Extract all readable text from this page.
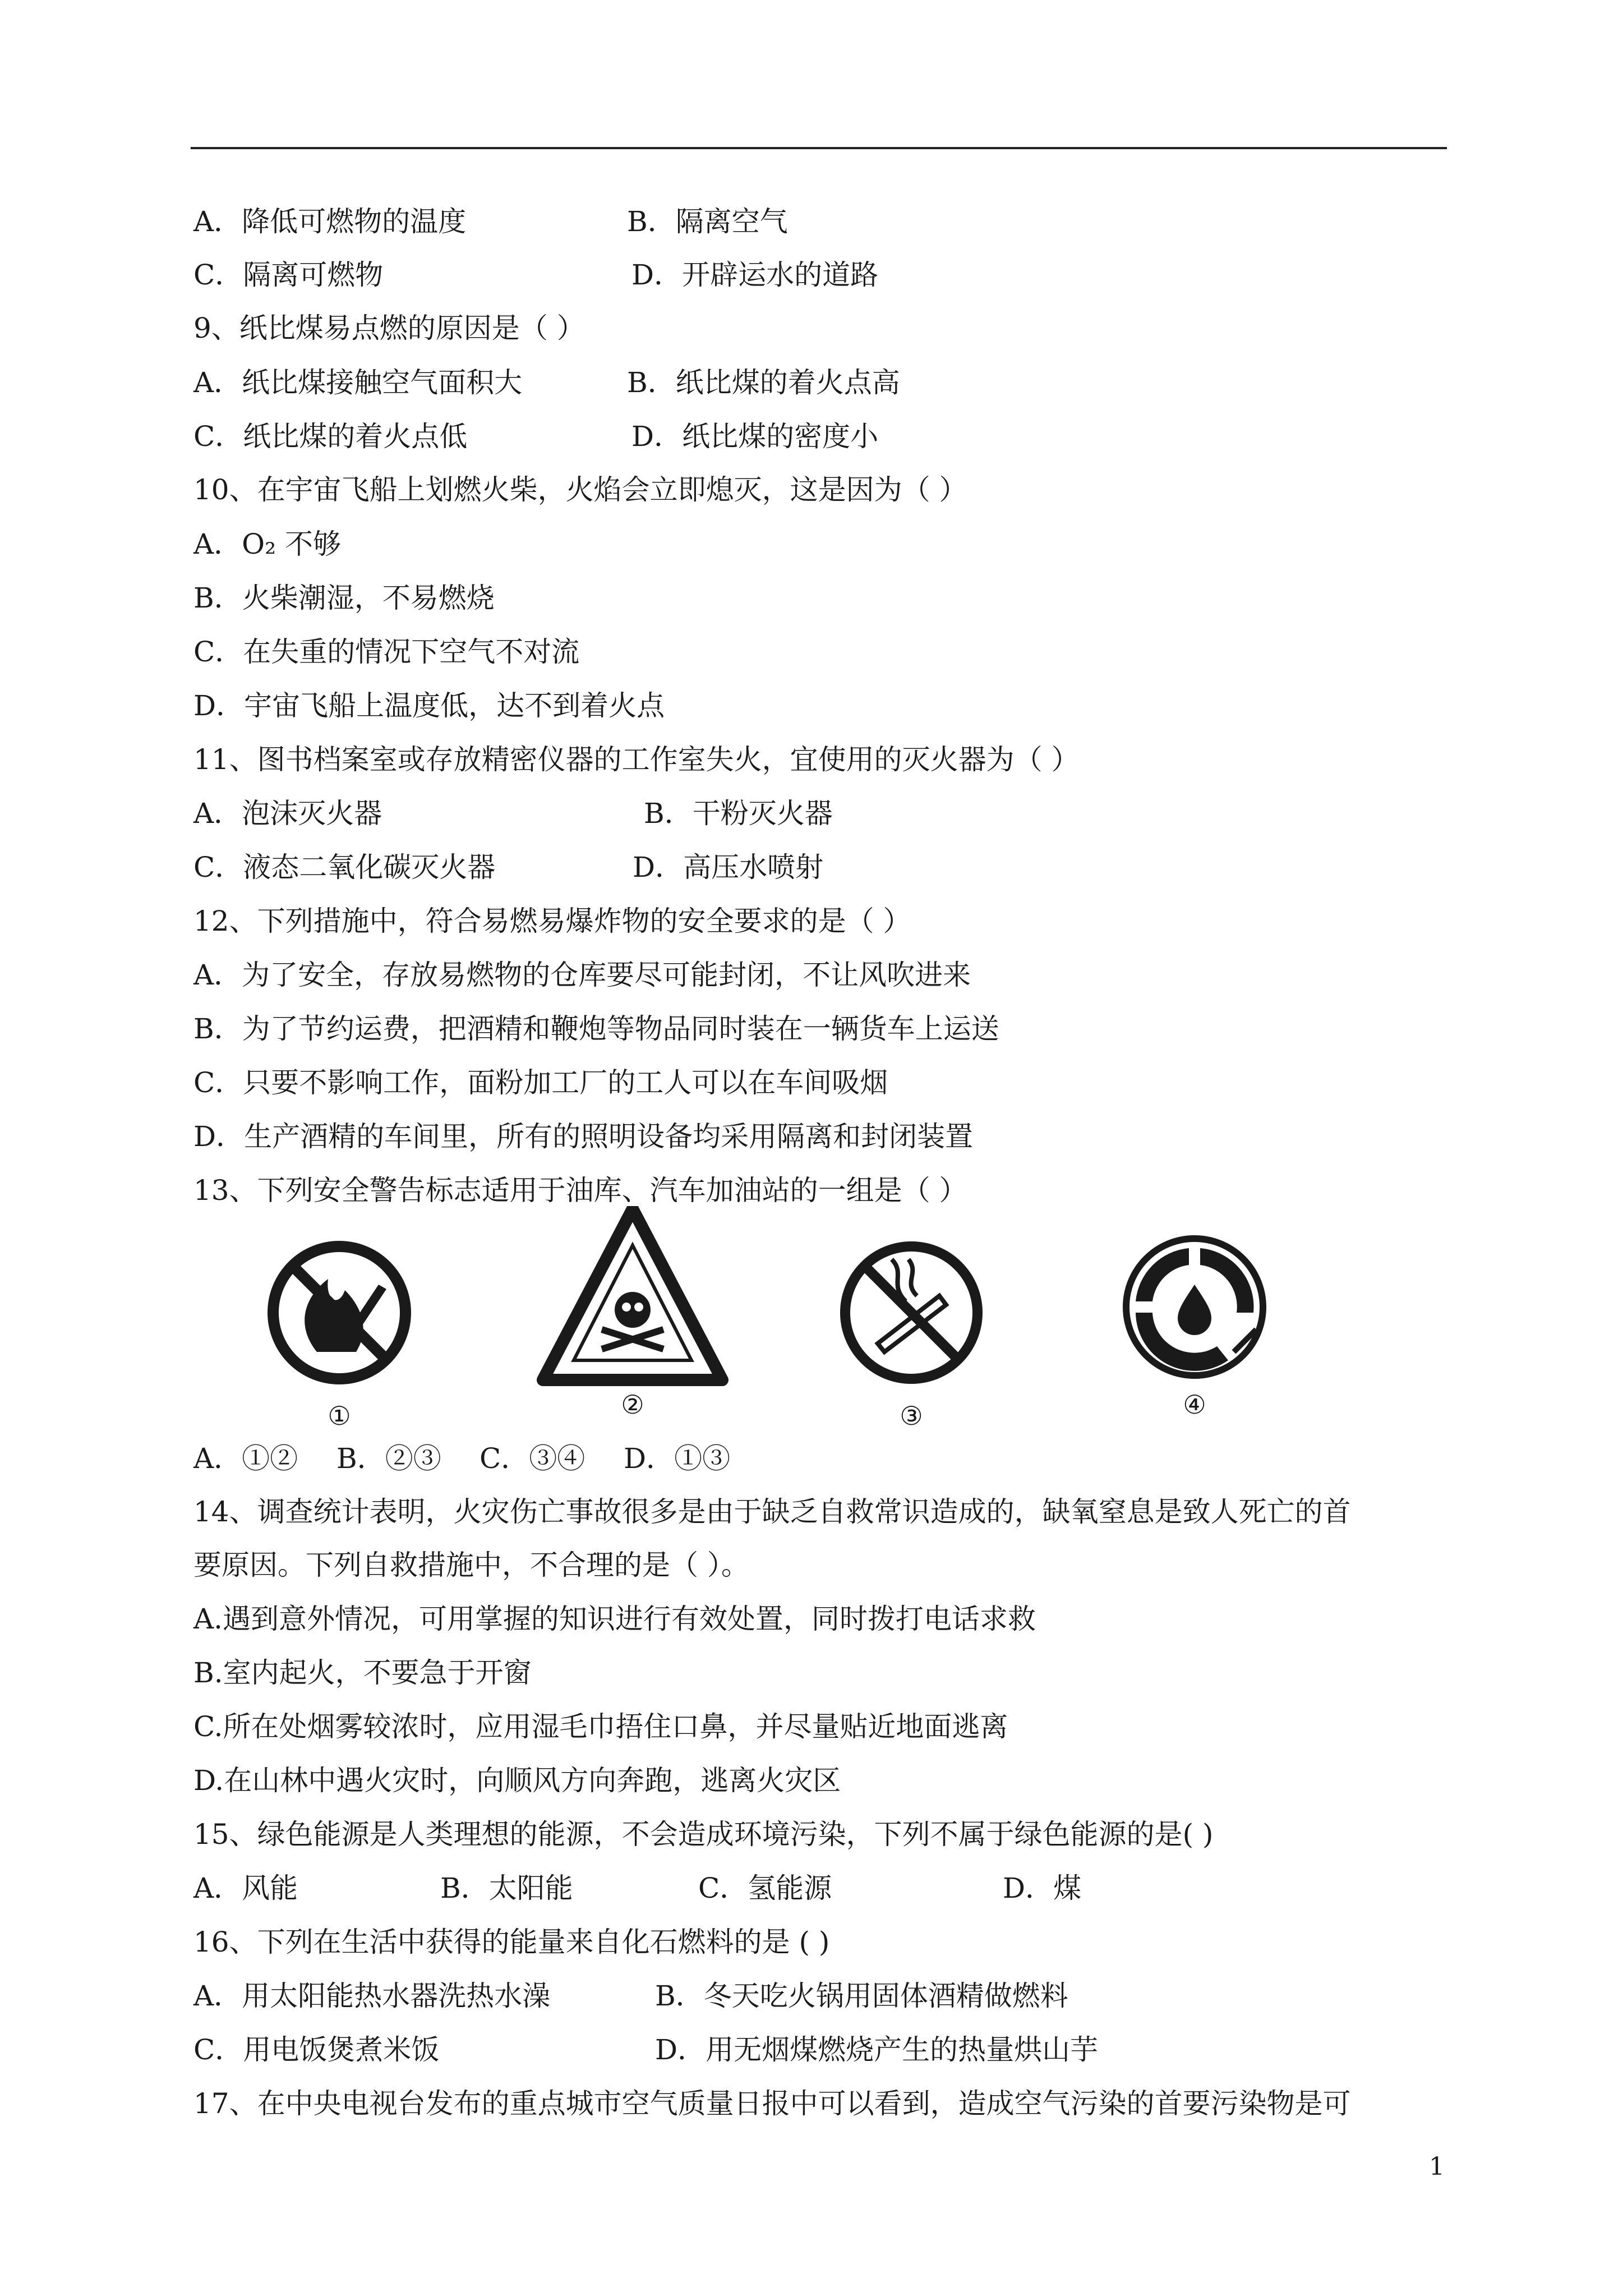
A．降低可燃物的温度	B．隔离空气
C．隔离可燃物	D．开辟运水的道路
9、纸比煤易点燃的原因是（ ）
A．纸比煤接触空气面积大	B．纸比煤的着火点高
C．纸比煤的着火点低	D．纸比煤的密度小
10、在宇宙飞船上划燃火柴，火焰会立即熄灭，这是因为（ ）
A．O₂ 不够
B．火柴潮湿，不易燃烧
C．在失重的情况下空气不对流
D．宇宙飞船上温度低，达不到着火点
11、图书档案室或存放精密仪器的工作室失火，宜使用的灭火器为（ ）
A．泡沫灭火器	B．干粉灭火器
C．液态二氧化碳灭火器	D．高压水喷射
12、下列措施中，符合易燃易爆炸物的安全要求的是（ ）
A．为了安全，存放易燃物的仓库要尽可能封闭，不让风吹进来
B．为了节约运费，把酒精和鞭炮等物品同时装在一辆货车上运送
C．只要不影响工作，面粉加工厂的工人可以在车间吸烟
D．生产酒精的车间里，所有的照明设备均采用隔离和封闭装置
13、下列安全警告标志适用于油库、汽车加油站的一组是（ ）
①	②	③	④
A．①② B．②③ C．③④ D．①③
14、调查统计表明，火灾伤亡事故很多是由于缺乏自救常识造成的，缺氧窒息是致人死亡的首
要原因。下列自救措施中，不合理的是（ ）。
A.遇到意外情况，可用掌握的知识进行有效处置，同时拨打电话求救
B.室内起火，不要急于开窗
C.所在处烟雾较浓时，应用湿毛巾捂住口鼻，并尽量贴近地面逃离
D.在山林中遇火灾时，向顺风方向奔跑，逃离火灾区
15、绿色能源是人类理想的能源，不会造成环境污染，下列不属于绿色能源的是( )
A．风能	B．太阳能	C．氢能源	D．煤
16、下列在生活中获得的能量来自化石燃料的是 ( )
A．用太阳能热水器洗热水澡	B．冬天吃火锅用固体酒精做燃料
C．用电饭煲煮米饭	D．用无烟煤燃烧产生的热量烘山芋
17、在中央电视台发布的重点城市空气质量日报中可以看到，造成空气污染的首要污染物是可
1
